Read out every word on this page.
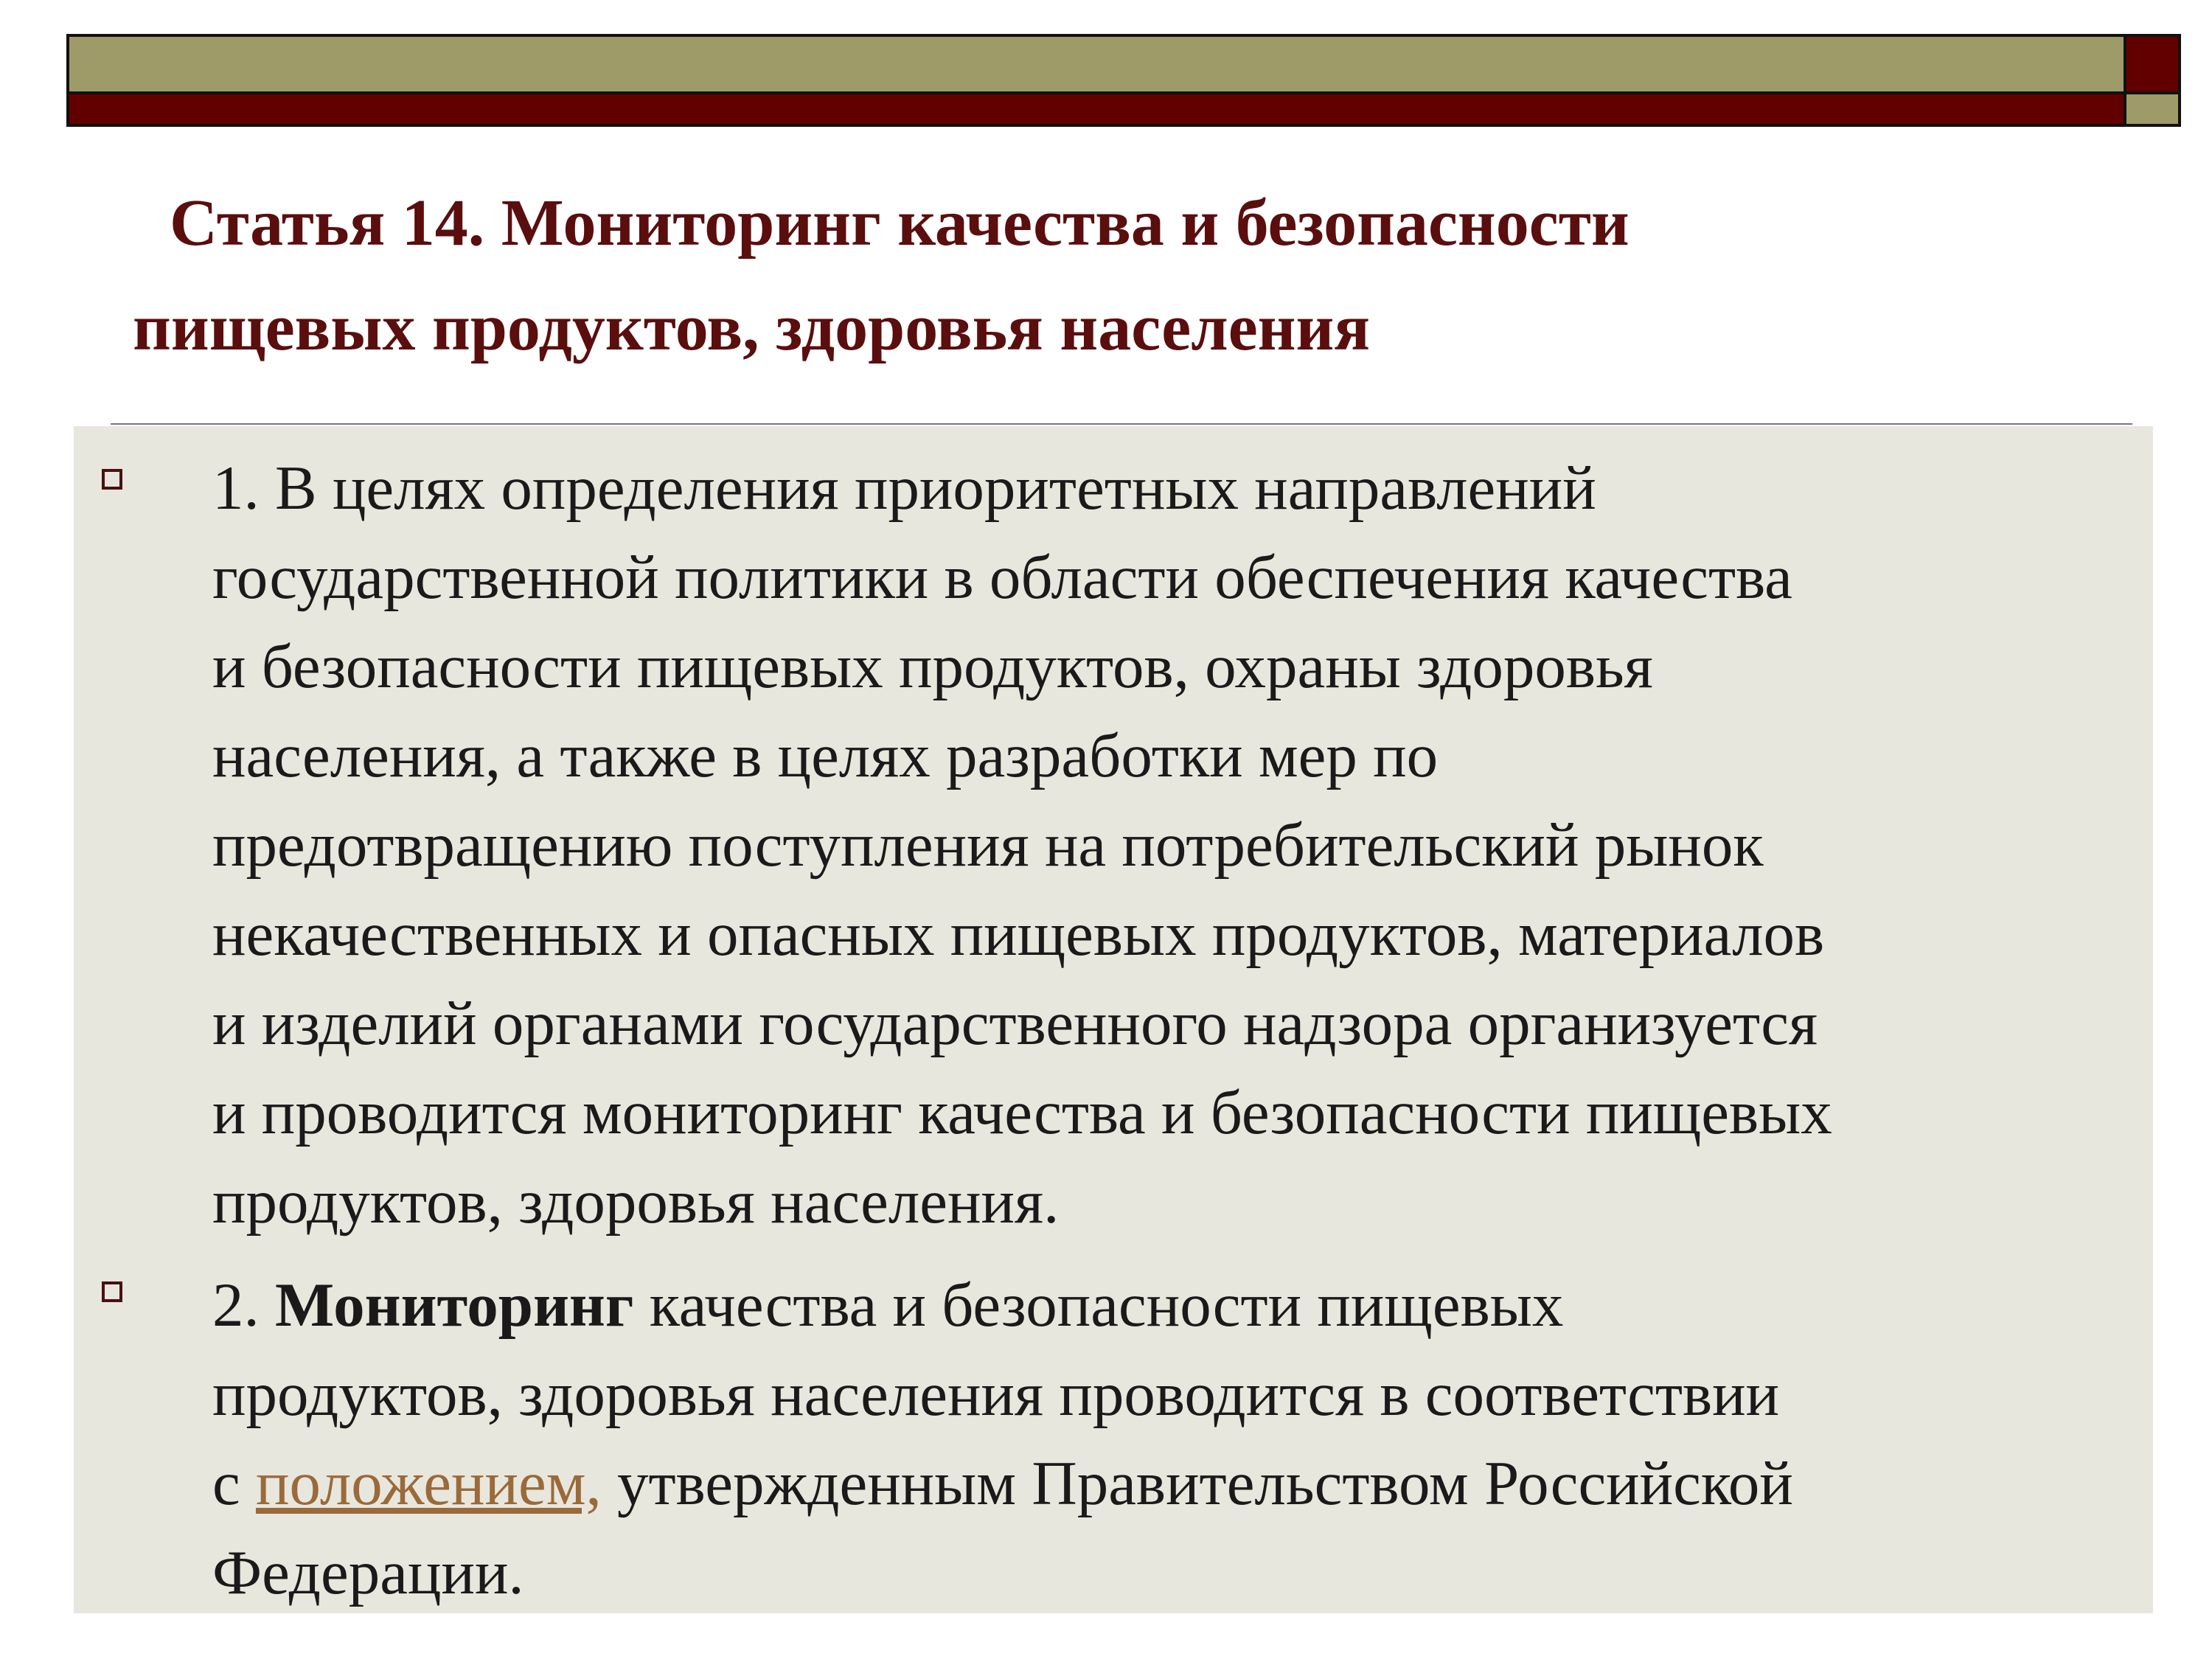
Статья 14. Мониторинг качества и безопасности
пищевых продуктов, здоровья населения

1. В целях определения приоритетных направлений
государственной политики в области обеспечения качества
и безопасности пищевых продуктов, охраны здоровья
населения, а также в целях разработки мер по
предотвращению поступления на потребительский рынок
некачественных и опасных пищевых продуктов, материалов
и изделий органами государственного надзора организуется
и проводится мониторинг качества и безопасности пищевых
продуктов, здоровья населения.

2. Мониторинг качества и безопасности пищевых
продуктов, здоровья населения проводится в соответствии
с положением, утвержденным Правительством Российской
Федерации.
